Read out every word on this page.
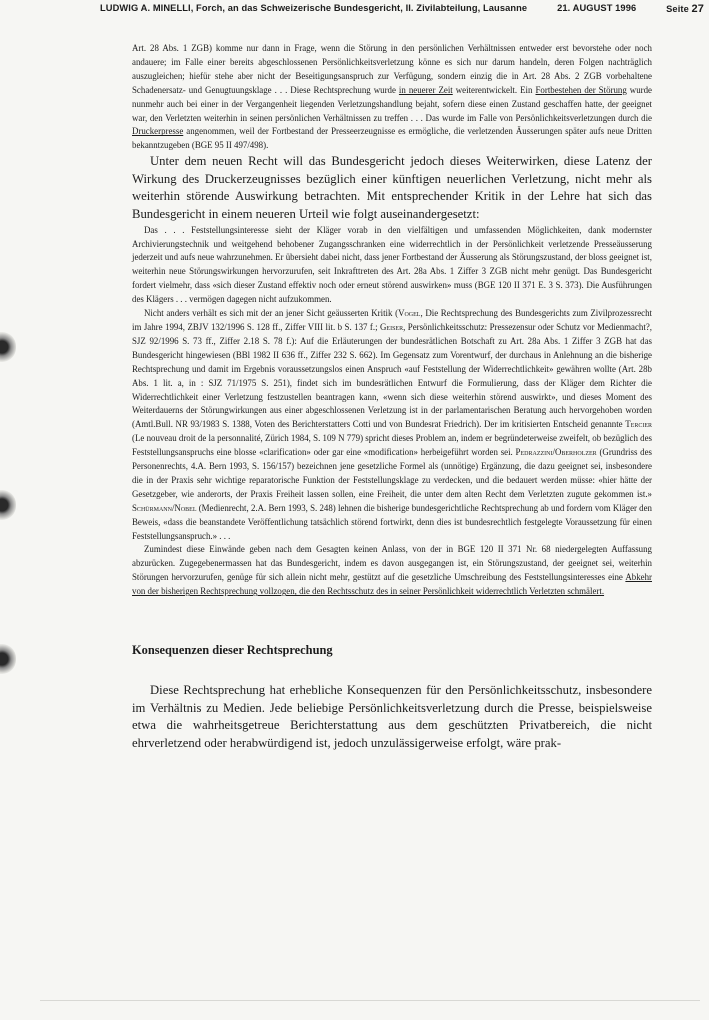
LUDWIG A. MINELLI, Forch, an das Schweizerische Bundesgericht, II. Zivilabteilung, Lausanne	21. AUGUST 1996	Seite 27

Art. 28 Abs. 1 ZGB) komme nur dann in Frage, wenn die Störung in den persönlichen Verhältnissen entweder erst bevorstehe oder noch andauere; im Falle einer bereits abgeschlossenen Persönlichkeitsverletzung könne es sich nur darum handeln, deren Folgen nachträglich auszugleichen; hiefür stehe aber nicht der Beseitigungsanspruch zur Verfügung, sondern einzig die in Art. 28 Abs. 2 ZGB vorbehaltene Schadenersatz- und Genugtuungsklage . . . Diese Rechtsprechung wurde in neuerer Zeit weiterentwickelt. Ein Fortbestehen der Störung wurde nunmehr auch bei einer in der Vergangenheit liegenden Verletzungshandlung bejaht, sofern diese einen Zustand geschaffen hatte, der geeignet war, den Verletzten weiterhin in seinen persönlichen Verhältnissen zu treffen . . . Das wurde im Falle von Persönlichkeitsverletzungen durch die Druckerpresse angenommen, weil der Fortbestand der Presseerzeugnisse es ermögliche, die verletzenden Äusserungen später aufs neue Dritten bekanntzugeben (BGE 95 II 497/498).

Unter dem neuen Recht will das Bundesgericht jedoch dieses Weiterwirken, diese Latenz der Wirkung des Druckerzeugnisses bezüglich einer künftigen neuerlichen Verletzung, nicht mehr als weiterhin störende Auswirkung betrachten. Mit entsprechender Kritik in der Lehre hat sich das Bundesgericht in einem neueren Urteil wie folgt auseinandergesetzt:

Das . . . Feststellungsinteresse sieht der Kläger vorab in den vielfältigen und umfassenden Möglichkeiten, dank modernster Archivierungstechnik und weitgehend behobener Zugangsschranken eine widerrechtlich in der Persönlichkeit verletzende Presseäusserung jederzeit und aufs neue wahrzunehmen. Er übersieht dabei nicht, dass jener Fortbestand der Äusserung als Störungszustand, der bloss geeignet ist, weiterhin neue Störungswirkungen hervorzurufen, seit Inkrafttreten des Art. 28a Abs. 1 Ziffer 3 ZGB nicht mehr genügt. Das Bundesgericht fordert vielmehr, dass «sich dieser Zustand effektiv noch oder erneut störend auswirken» muss (BGE 120 II 371 E. 3 S. 373). Die Ausführungen des Klägers . . . vermögen dagegen nicht aufzukommen.

Nicht anders verhält es sich mit der an jener Sicht geäusserten Kritik (Vogel, Die Rechtsprechung des Bundesgerichts zum Zivilprozessrecht im Jahre 1994, ZBJV 132/1996 S. 128 ff., Ziffer VIII lit. b S. 137 f.; Geiser, Persönlichkeitsschutz: Pressezensur oder Schutz vor Medienmacht?, SJZ 92/1996 S. 73 ff., Ziffer 2.18 S. 78 f.): Auf die Erläuterungen der bundesrätlichen Botschaft zu Art. 28a Abs. 1 Ziffer 3 ZGB hat das Bundesgericht hingewiesen (BBl 1982 II 636 ff., Ziffer 232 S. 662). Im Gegensatz zum Vorentwurf, der durchaus in Anlehnung an die bisherige Rechtsprechung und damit im Ergebnis voraussetzungslos einen Anspruch «auf Feststellung der Widerrechtlichkeit» gewähren wollte (Art. 28b Abs. 1 lit. a, in : SJZ 71/1975 S. 251), findet sich im bundesrätlichen Entwurf die Formulierung, dass der Kläger dem Richter die Widerrechtlichkeit einer Verletzung festzustellen beantragen kann, «wenn sich diese weiterhin störend auswirkt», und dieses Moment des Weiterdauerns der Störungwirkungen aus einer abgeschlossenen Verletzung ist in der parlamentarischen Beratung auch hervorgehoben worden (Amtl.Bull. NR 93/1983 S. 1388, Voten des Berichterstatters Cotti und von Bundesrat Friedrich). Der im kritisierten Entscheid genannte Tercier (Le nouveau droit de la personnalité, Zürich 1984, S. 109 N 779) spricht dieses Problem an, indem er begründeterweise zweifelt, ob bezüglich des Feststellungsanspruchs eine blosse «clarification» oder gar eine «modification» herbeigeführt worden sei. Pedrazzini/Oberholzer (Grundriss des Personenrechts, 4.A. Bern 1993, S. 156/157) bezeichnen jene gesetzliche Formel als (unnötige) Ergänzung, die dazu geeignet sei, insbesondere die in der Praxis sehr wichtige reparatorische Funktion der Feststellungsklage zu verdecken, und die bedauert werden müsse: «hier hätte der Gesetzgeber, wie anderorts, der Praxis Freiheit lassen sollen, eine Freiheit, die unter dem alten Recht dem Verletzten zugute gekommen ist.» Schürmann/Nobel (Medienrecht, 2.A. Bern 1993, S. 248) lehnen die bisherige bundesgerichtliche Rechtsprechung ab und fordern vom Kläger den Beweis, «dass die beanstandete Veröffentlichung tatsächlich störend fortwirkt, denn dies ist bundesrechtlich festgelegte Voraussetzung für einen Feststellungsanspruch.» . . .

Zumindest diese Einwände geben nach dem Gesagten keinen Anlass, von der in BGE 120 II 371 Nr. 68 niedergelegten Auffassung abzurücken. Zugegebenermassen hat das Bundesgericht, indem es davon ausgegangen ist, ein Störungszustand, der geeignet sei, weiterhin Störungen hervorzurufen, genüge für sich allein nicht mehr, gestützt auf die gesetzliche Umschreibung des Feststellungsinteresses eine Abkehr von der bisherigen Rechtsprechung vollzogen, die den Rechtsschutz des in seiner Persönlichkeit widerrechtlich Verletzten schmälert.

Konsequenzen dieser Rechtsprechung

Diese Rechtsprechung hat erhebliche Konsequenzen für den Persönlichkeitsschutz, insbesondere im Verhältnis zu Medien. Jede beliebige Persönlichkeitsverletzung durch die Presse, beispielsweise etwa die wahrheitsgetreue Berichterstattung aus dem geschützten Privatbereich, die nicht ehrverletzend oder herabwürdigend ist, jedoch unzulässigerweise erfolgt, wäre prak-
